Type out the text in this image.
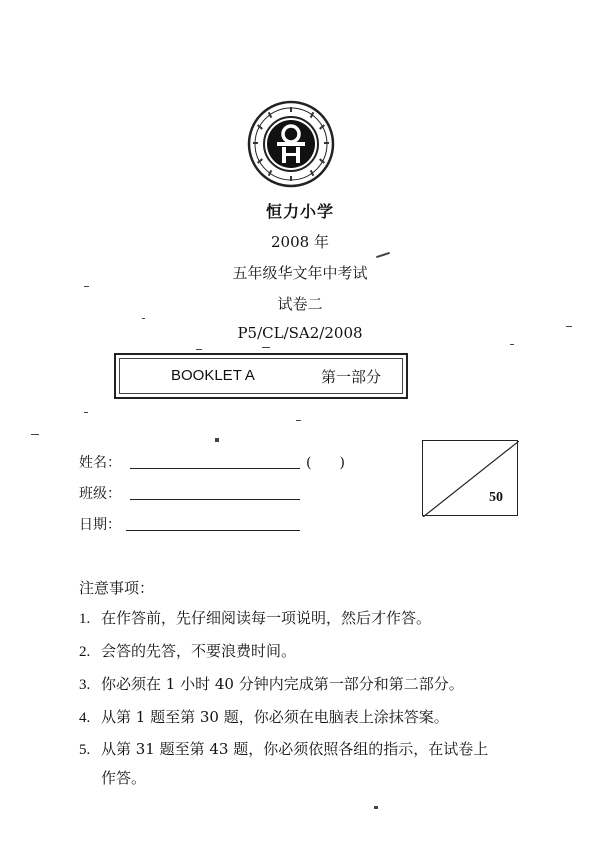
恒力小学
2008 年
五年级华文年中考试
试卷二
P5/CL/SA2/2008
BOOKLET A	第一部分
姓名：	(　　)
班级：
日期：
50
注意事项：
1. 在作答前，先仔细阅读每一项说明，然后才作答。
2. 会答的先答，不要浪费时间。
3. 你必须在 1 小时 40 分钟内完成第一部分和第二部分。
4. 从第 1 题至第 30 题，你必须在电脑表上涂抹答案。
5. 从第 31 题至第 43 题，你必须依照各组的指示，在试卷上
作答。
